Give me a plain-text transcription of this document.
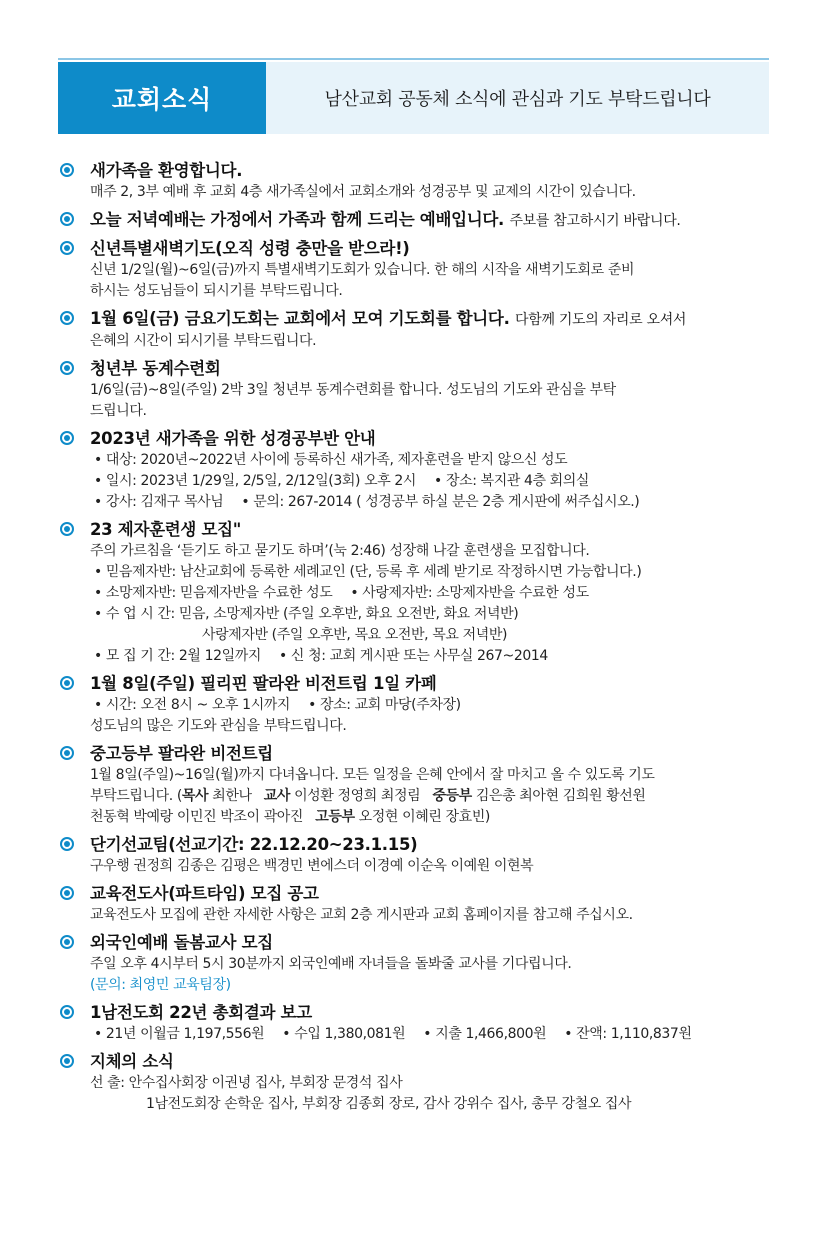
교회소식	남산교회 공동체 소식에 관심과 기도 부탁드립니다
새가족을 환영합니다.
매주 2, 3부 예배 후 교회 4층 새가족실에서 교회소개와 성경공부 및 교제의 시간이 있습니다.
오늘 저녁예배는 가정에서 가족과 함께 드리는 예배입니다. 주보를 참고하시기 바랍니다.
신년특별새벽기도(오직 성령 충만을 받으라!)
신년 1/2일(월)~6일(금)까지 특별새벽기도회가 있습니다. 한 해의 시작을 새벽기도회로 준비
하시는 성도님들이 되시기를 부탁드립니다.
1월 6일(금) 금요기도회는 교회에서 모여 기도회를 합니다. 다함께 기도의 자리로 오셔서
은혜의 시간이 되시기를 부탁드립니다.
청년부 동계수련회
1/6일(금)~8일(주일) 2박 3일 청년부 동계수련회를 합니다. 성도님의 기도와 관심을 부탁
드립니다.
2023년 새가족을 위한 성경공부반 안내
• 대상: 2020년~2022년 사이에 등록하신 새가족, 제자훈련을 받지 않으신 성도
• 일시: 2023년 1/29일, 2/5일, 2/12일(3회) 오후 2시 • 장소: 복지관 4층 회의실
• 강사: 김재구 목사님 • 문의: 267-2014 ( 성경공부 하실 분은 2층 게시판에 써주십시오.)
23 제자훈련생 모집"
주의 가르침을 ‘듣기도 하고 묻기도 하며’(눅 2:46) 성장해 나갈 훈련생을 모집합니다.
• 믿음제자반: 남산교회에 등록한 세례교인 (단, 등록 후 세례 받기로 작정하시면 가능합니다.)
• 소망제자반: 믿음제자반을 수료한 성도 • 사랑제자반: 소망제자반을 수료한 성도
• 수 업 시 간: 믿음, 소망제자반 (주일 오후반, 화요 오전반, 화요 저녁반)
사랑제자반 (주일 오후반, 목요 오전반, 목요 저녁반)
• 모 집 기 간: 2월 12일까지 • 신 청: 교회 게시판 또는 사무실 267~2014
1월 8일(주일) 필리핀 팔라완 비전트립 1일 카페
• 시간: 오전 8시 ~ 오후 1시까지 • 장소: 교회 마당(주차장)
성도님의 많은 기도와 관심을 부탁드립니다.
중고등부 팔라완 비전트립
1월 8일(주일)~16일(월)까지 다녀옵니다. 모든 일정을 은혜 안에서 잘 마치고 올 수 있도록 기도
부탁드립니다. (목사 최한나 교사 이성환 정영희 최정림 중등부 김은총 최아현 김희원 황선원
천동혁 박예랑 이민진 박조이 곽아진 고등부 오정현 이혜린 장효빈)
단기선교팀(선교기간: 22.12.20~23.1.15)
구우행 권정희 김종은 김평은 백경민 변에스더 이경예 이순옥 이예원 이현복
교육전도사(파트타임) 모집 공고
교육전도사 모집에 관한 자세한 사항은 교회 2층 게시판과 교회 홈페이지를 참고해 주십시오.
외국인예배 돌봄교사 모집
주일 오후 4시부터 5시 30분까지 외국인예배 자녀들을 돌봐줄 교사를 기다립니다.
(문의: 최영민 교육팀장)
1남전도회 22년 총회결과 보고
• 21년 이월금 1,197,556원 • 수입 1,380,081원 • 지출 1,466,800원 • 잔액: 1,110,837원
지체의 소식
선 출: 안수집사회장 이권녕 집사, 부회장 문경석 집사
1남전도회장 손학운 집사, 부회장 김종회 장로, 감사 강위수 집사, 총무 강철오 집사
